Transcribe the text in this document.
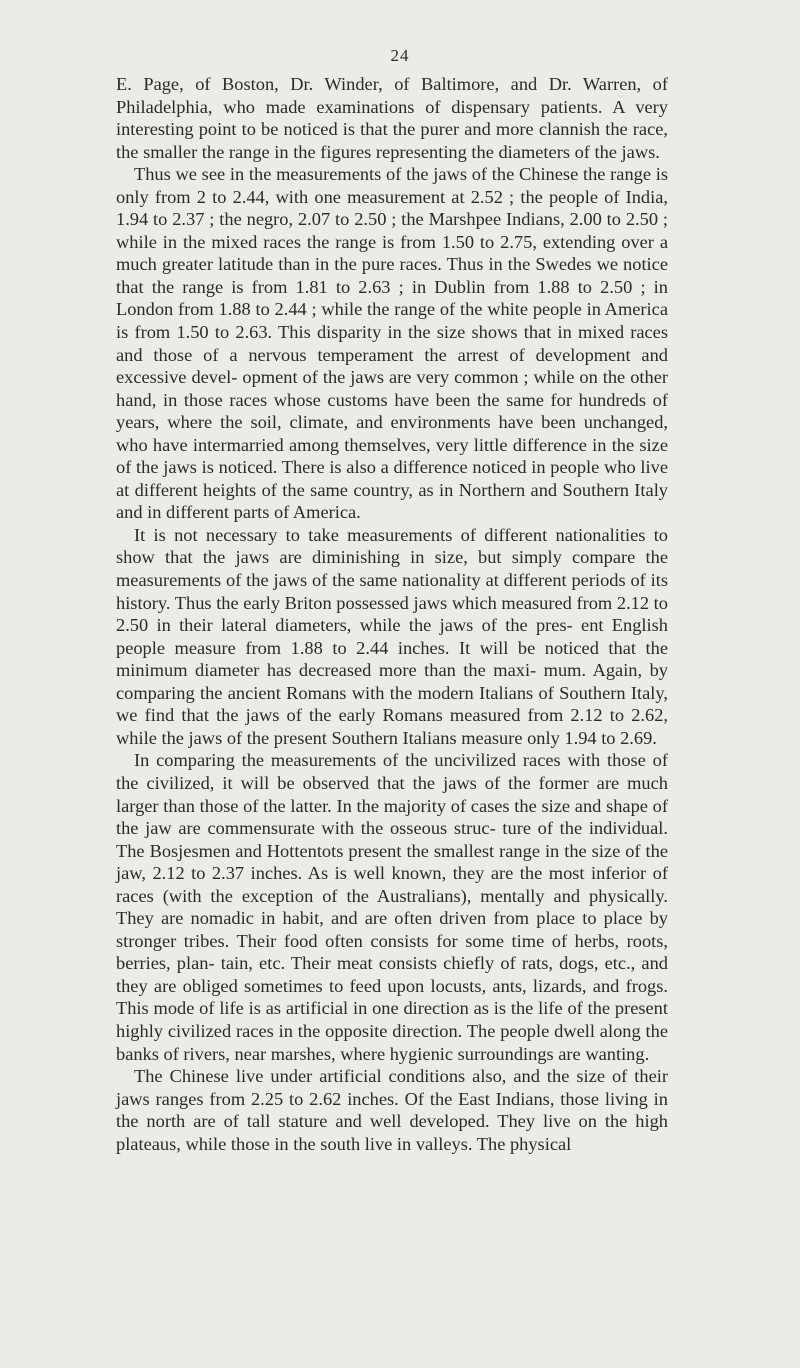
24

E. Page, of Boston, Dr. Winder, of Baltimore, and Dr. Warren, of Philadelphia, who made examinations of dispensary patients. A very interesting point to be noticed is that the purer and more clannish the race, the smaller the range in the figures representing the diameters of the jaws.

Thus we see in the measurements of the jaws of the Chinese the range is only from 2 to 2.44, with one measurement at 2.52 ; the people of India, 1.94 to 2.37 ; the negro, 2.07 to 2.50 ; the Marshpee Indians, 2.00 to 2.50 ; while in the mixed races the range is from 1.50 to 2.75, extending over a much greater latitude than in the pure races. Thus in the Swedes we notice that the range is from 1.81 to 2.63 ; in Dublin from 1.88 to 2.50 ; in London from 1.88 to 2.44 ; while the range of the white people in America is from 1.50 to 2.63. This disparity in the size shows that in mixed races and those of a nervous temperament the arrest of development and excessive devel- opment of the jaws are very common ; while on the other hand, in those races whose customs have been the same for hundreds of years, where the soil, climate, and environments have been unchanged, who have intermarried among themselves, very little difference in the size of the jaws is noticed. There is also a difference noticed in people who live at different heights of the same country, as in Northern and Southern Italy and in different parts of America.

It is not necessary to take measurements of different nationalities to show that the jaws are diminishing in size, but simply compare the measurements of the jaws of the same nationality at different periods of its history. Thus the early Briton possessed jaws which measured from 2.12 to 2.50 in their lateral diameters, while the jaws of the pres- ent English people measure from 1.88 to 2.44 inches. It will be noticed that the minimum diameter has decreased more than the maxi- mum. Again, by comparing the ancient Romans with the modern Italians of Southern Italy, we find that the jaws of the early Romans measured from 2.12 to 2.62, while the jaws of the present Southern Italians measure only 1.94 to 2.69.

In comparing the measurements of the uncivilized races with those of the civilized, it will be observed that the jaws of the former are much larger than those of the latter. In the majority of cases the size and shape of the jaw are commensurate with the osseous struc- ture of the individual. The Bosjesmen and Hottentots present the smallest range in the size of the jaw, 2.12 to 2.37 inches. As is well known, they are the most inferior of races (with the exception of the Australians), mentally and physically. They are nomadic in habit, and are often driven from place to place by stronger tribes. Their food often consists for some time of herbs, roots, berries, plan- tain, etc. Their meat consists chiefly of rats, dogs, etc., and they are obliged sometimes to feed upon locusts, ants, lizards, and frogs. This mode of life is as artificial in one direction as is the life of the present highly civilized races in the opposite direction. The people dwell along the banks of rivers, near marshes, where hygienic surroundings are wanting.

The Chinese live under artificial conditions also, and the size of their jaws ranges from 2.25 to 2.62 inches. Of the East Indians, those living in the north are of tall stature and well developed. They live on the high plateaus, while those in the south live in valleys. The physical
